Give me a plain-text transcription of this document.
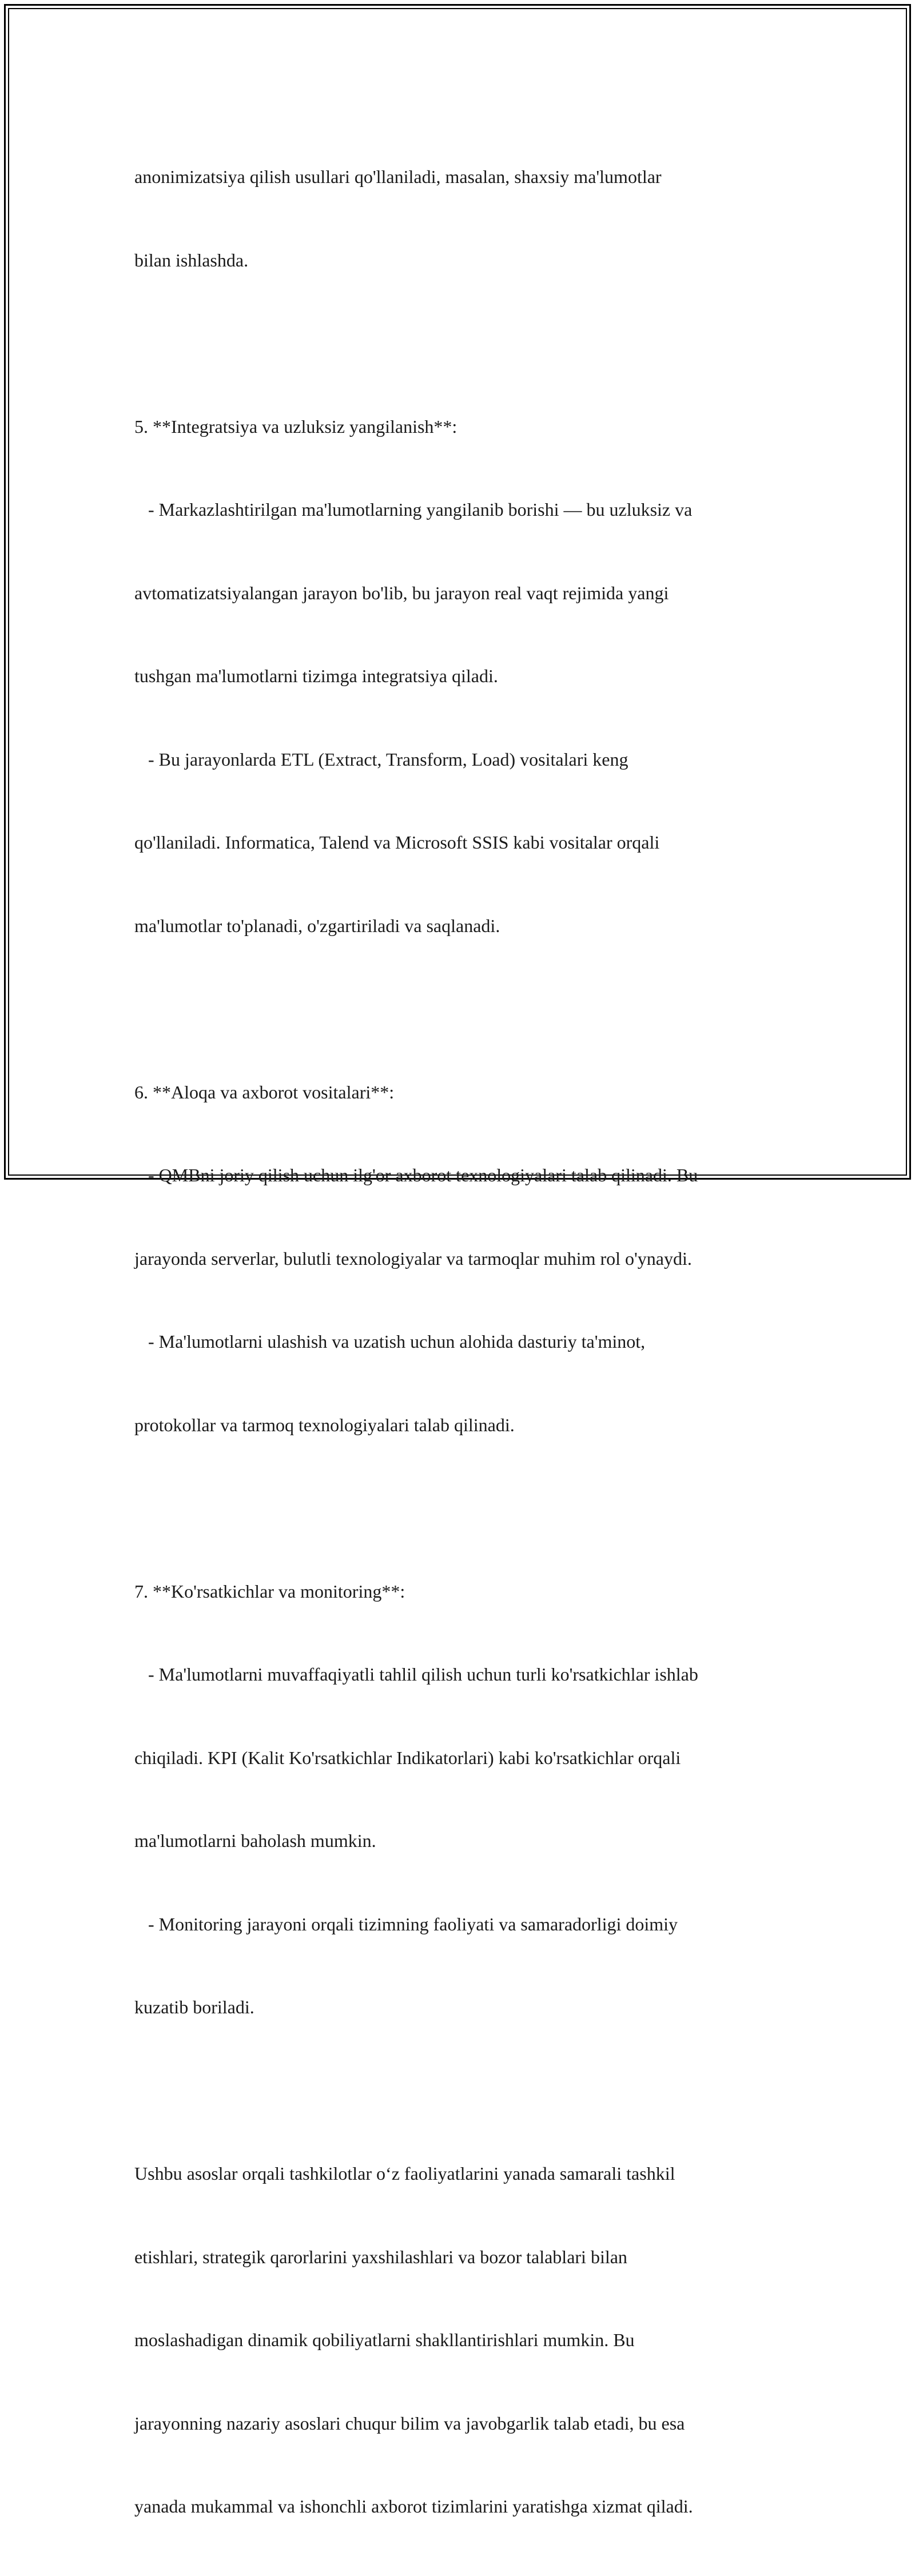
anonimizatsiya qilish usullari qo'llaniladi, masalan, shaxsiy ma'lumotlar

bilan ishlashda.

5. **Integratsiya va uzluksiz yangilanish**:

- Markazlashtirilgan ma'lumotlarning yangilanib borishi — bu uzluksiz va

avtomatizatsiyalangan jarayon bo'lib, bu jarayon real vaqt rejimida yangi

tushgan ma'lumotlarni tizimga integratsiya qiladi.

- Bu jarayonlarda ETL (Extract, Transform, Load) vositalari keng

qo'llaniladi. Informatica, Talend va Microsoft SSIS kabi vositalar orqali

ma'lumotlar to'planadi, o'zgartiriladi va saqlanadi.

6. **Aloqa va axborot vositalari**:

- QMBni joriy qilish uchun ilg'or axborot texnologiyalari talab qilinadi. Bu

jarayonda serverlar, bulutli texnologiyalar va tarmoqlar muhim rol o'ynaydi.

- Ma'lumotlarni ulashish va uzatish uchun alohida dasturiy ta'minot,

protokollar va tarmoq texnologiyalari talab qilinadi.

7. **Ko'rsatkichlar va monitoring**:

- Ma'lumotlarni muvaffaqiyatli tahlil qilish uchun turli ko'rsatkichlar ishlab

chiqiladi. KPI (Kalit Ko'rsatkichlar Indikatorlari) kabi ko'rsatkichlar orqali

ma'lumotlarni baholash mumkin.

- Monitoring jarayoni orqali tizimning faoliyati va samaradorligi doimiy

kuzatib boriladi.

Ushbu asoslar orqali tashkilotlar o‘z faoliyatlarini yanada samarali tashkil

etishlari, strategik qarorlarini yaxshilashlari va bozor talablari bilan

moslashadigan dinamik qobiliyatlarni shakllantirishlari mumkin. Bu

jarayonning nazariy asoslari chuqur bilim va javobgarlik talab etadi, bu esa

yanada mukammal va ishonchli axborot tizimlarini yaratishga xizmat qiladi.
